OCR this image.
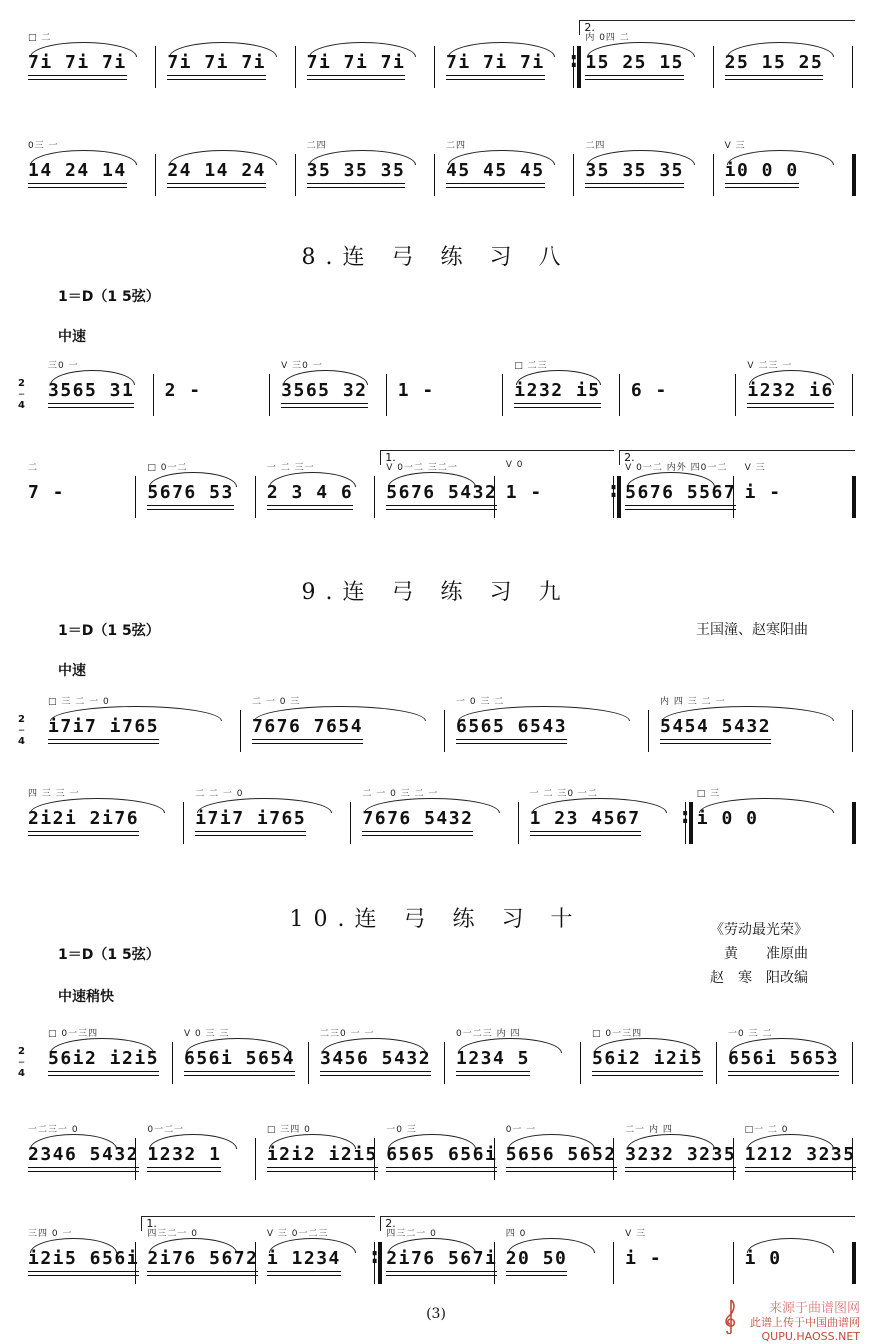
7i 7i 7i
□ 二
7i 7i 7i 7i 7i 7i 7i 7i 7i
: 15 25 15
内 0四 二
25 15 25
2.
14 24 14
0三 一
24 14 24 35 35 35
二四
45 45 45
二四
35 35 35
二四
i0 0 0
V 三
8.连 弓 练 习 八
1＝D（1 5弦）
中速
2
—
4
3565 31
三0 一
2 -	3565 32
V 三0 一
1 -	i232 i5
□ 二三
6 -	i232 i6
V 二三 一
7 -
二
5676 53
□ 0一二
2 3 4 6
一 二 三一
5676 5432
V 0一二 三二一
1 -
V 0
:
5676 5567
V 0一二 内外 四0一二
i -
V 三
1.	2.
9.连 弓 练 习 九
1＝D（1 5弦）	王国潼、赵寒阳曲
中速
2
—
4
i7i7 i765
□ 三 二 一 0
7676 7654
二 一 0 三
6565 6543
一 0 三 二
5454 5432
内 四 三 二 一
2i2i 2i76
四 三 三 一
i7i7 i765
二 二 一 0
7676 5432
二 一 0 三 二 一
1 23 4567
一 二 三0 一二
:
i 0 0
□ 三
10.连 弓 练 习 十
1＝D（1 5弦）
《劳动最光荣》
黄　　准原曲
赵　寒　阳改编
中速稍快
2
—
4
56i2 i2i5
□ 0一三四
656i 5654
V 0 三 三
3456 5432
二三0 一 一
1234 5
0一二三 内 四
56i2 i2i5
□ 0一三四
656i 5653
一0 三 二
2346 5432
一二三一 0
1232 1
0一二一
i2i2 i2i5
□ 三四 0
6565 656i
一0 三
5656 5652
0一 一
3232 3235
二一 内 四
1212 3235
□一 二 0
i2i5 656i
三四 0 一
2i76 5672
四三二一 0
i 1234
V 三 0一二三
:
2i76 567i
四三二一 0
20 50
四 0
i -
V 三
i 0
1.	2.
(3)	来源于曲谱图网
此谱上传于中国曲谱网
QUPU.HAOSS.NET
